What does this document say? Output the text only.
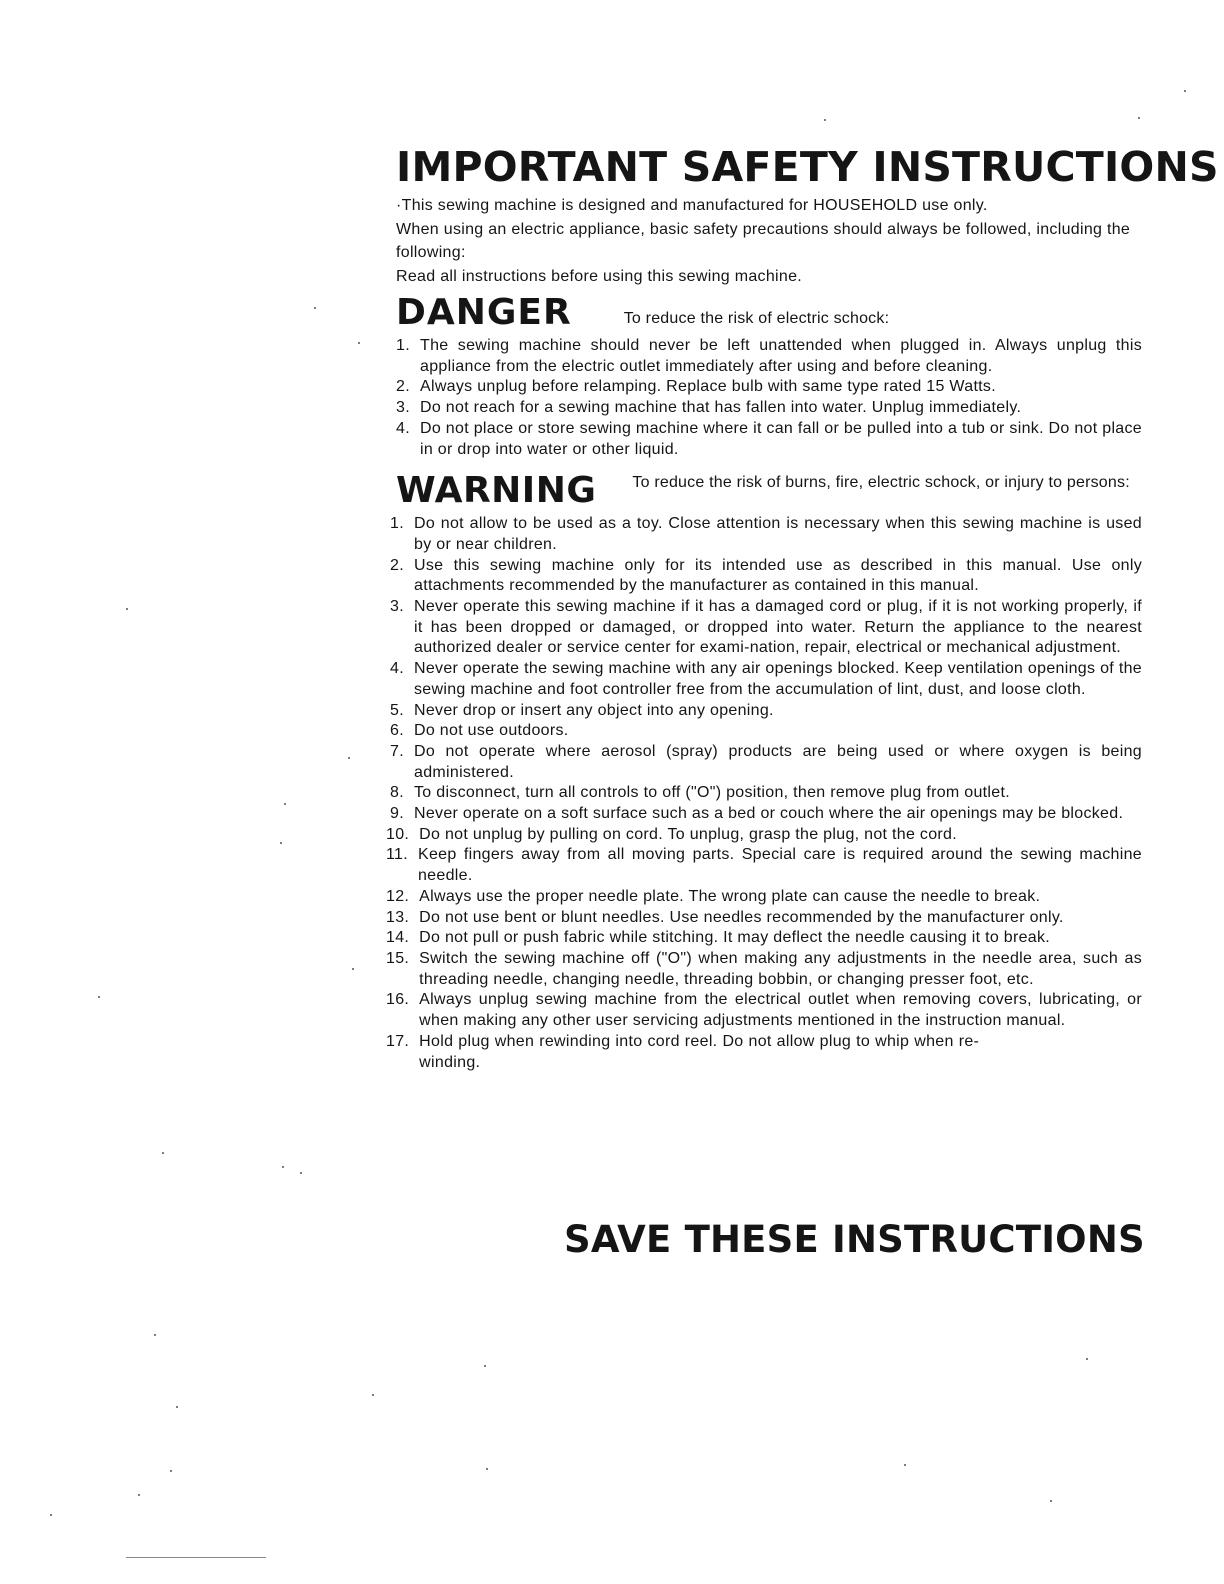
IMPORTANT SAFETY INSTRUCTIONS

·This sewing machine is designed and manufactured for HOUSEHOLD use only.

When using an electric appliance, basic safety precautions should always be followed, including the following:

Read all instructions before using this sewing machine.

DANGER	To reduce the risk of electric schock:
1. The sewing machine should never be left unattended when plugged in. Always unplug this appliance from the electric outlet immediately after using and before cleaning.
2. Always unplug before relamping. Replace bulb with same type rated 15 Watts.
3. Do not reach for a sewing machine that has fallen into water. Unplug immediately.
4. Do not place or store sewing machine where it can fall or be pulled into a tub or sink. Do not place in or drop into water or other liquid.
WARNING To reduce the risk of burns, fire, electric schock, or injury to persons:
1. Do not allow to be used as a toy. Close attention is necessary when this sewing machine is used by or near children.
2. Use this sewing machine only for its intended use as described in this manual. Use only attachments recommended by the manufacturer as contained in this manual.
3. Never operate this sewing machine if it has a damaged cord or plug, if it is not working properly, if it has been dropped or damaged, or dropped into water. Return the appliance to the nearest authorized dealer or service center for exami-nation, repair, electrical or mechanical adjustment.
4. Never operate the sewing machine with any air openings blocked. Keep ventilation openings of the sewing machine and foot controller free from the accumulation of lint, dust, and loose cloth.
5. Never drop or insert any object into any opening.
6. Do not use outdoors.
7. Do not operate where aerosol (spray) products are being used or where oxygen is being administered.
8. To disconnect, turn all controls to off ("O") position, then remove plug from outlet.
9. Never operate on a soft surface such as a bed or couch where the air openings may be blocked.
10. Do not unplug by pulling on cord. To unplug, grasp the plug, not the cord.
11. Keep fingers away from all moving parts. Special care is required around the sewing machine needle.
12. Always use the proper needle plate. The wrong plate can cause the needle to break.
13. Do not use bent or blunt needles. Use needles recommended by the manufacturer only.
14. Do not pull or push fabric while stitching. It may deflect the needle causing it to break.
15. Switch the sewing machine off ("O") when making any adjustments in the needle area, such as threading needle, changing needle, threading bobbin, or changing presser foot, etc.
16. Always unplug sewing machine from the electrical outlet when removing covers, lubricating, or when making any other user servicing adjustments mentioned in the instruction manual.
17. Hold plug when rewinding into cord reel. Do not allow plug to whip when re-winding.
SAVE THESE INSTRUCTIONS
